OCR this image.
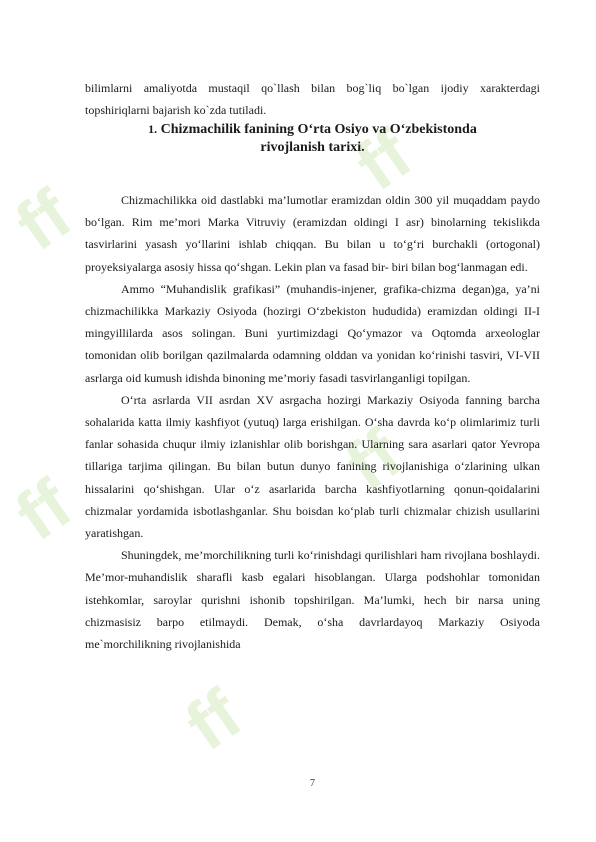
ff
ff
ff
ff
ff
bilimlarni amaliyotda mustaqil qo`llash bilan bog`liq bo`lgan ijodiy xarakterdagi topshiriqlarni bajarish ko`zda tutiladi.
1. Chizmachilik fanining O‘rta Osiyo va O‘zbekistonda
rivojlanish tarixi.

Chizmachilikka oid dastlabki ma’lumotlar eramizdan oldin 300 yil muqaddam paydo bo‘lgan. Rim me’mori Marka Vitruviy (eramizdan oldingi I asr) binolarning tekislikda tasvirlarini yasash yo‘llarini ishlab chiqqan. Bu bilan u to‘g‘ri burchakli (ortogonal) proyeksiyalarga asosiy hissa qo‘shgan. Lekin plan va fasad bir- biri bilan bog‘lanmagan edi.

Ammo “Muhandislik grafikasi” (muhandis-injener, grafika-chizma degan)ga, ya’ni chizmachilikka Markaziy Osiyoda (hozirgi O‘zbekiston hududida) eramizdan oldingi II-I mingyillilarda asos solingan. Buni yurtimizdagi Qo‘ymazor va Oqtomda arxeologlar tomonidan olib borilgan qazilmalarda odamning olddan va yonidan ko‘rinishi tasviri, VI-VII asrlarga oid kumush idishda binoning me’moriy fasadi tasvirlanganligi topilgan.

O‘rta asrlarda VII asrdan XV asrgacha hozirgi Markaziy Osiyoda fanning barcha sohalarida katta ilmiy kashfiyot (yutuq) larga erishilgan. O‘sha davrda ko‘p olimlarimiz turli fanlar sohasida chuqur ilmiy izlanishlar olib borishgan. Ularning sara asarlari qator Yevropa tillariga tarjima qilingan. Bu bilan butun dunyo fanining rivojlanishiga o‘zlarining ulkan hissalarini qo‘shishgan. Ular o‘z asarlarida barcha kashfiyotlarning qonun-qoidalarini chizmalar yordamida isbotlashganlar. Shu boisdan ko‘plab turli chizmalar chizish usullarini yaratishgan.

Shuningdek, me’morchilikning turli ko‘rinishdagi qurilishlari ham rivojlana boshlaydi. Me’mor-muhandislik sharafli kasb egalari hisoblangan. Ularga podshohlar tomonidan istehkomlar, saroylar qurishni ishonib topshirilgan. Ma’lumki, hech bir narsa uning chizmasisiz barpo etilmaydi. Demak, o‘sha davrlardayoq Markaziy Osiyoda me`morchilikning rivojlanishida

7
